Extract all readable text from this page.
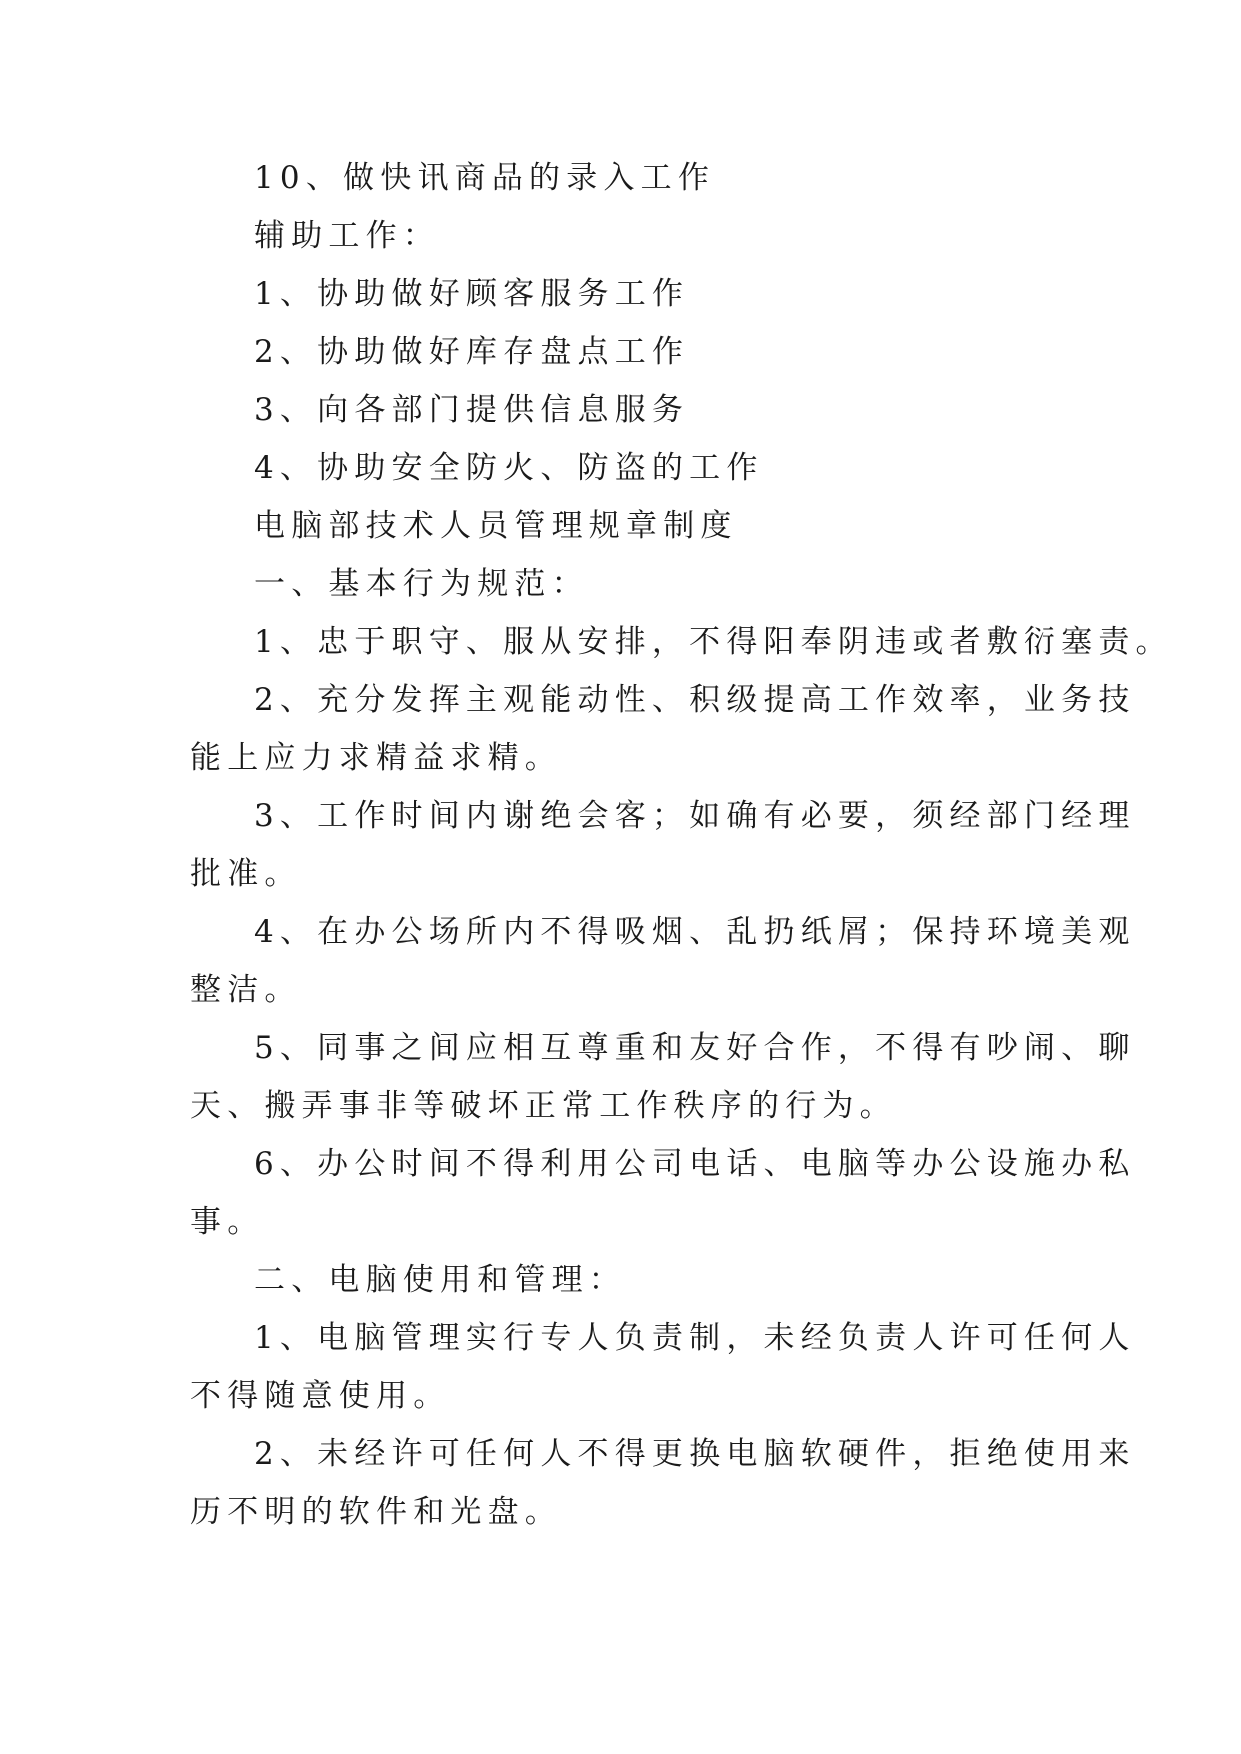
10、做快讯商品的录入工作
辅助工作：
1、协助做好顾客服务工作
2、协助做好库存盘点工作
3、向各部门提供信息服务
4、协助安全防火、防盗的工作
电脑部技术人员管理规章制度
一、基本行为规范：
1、忠于职守、服从安排，不得阳奉阴违或者敷衍塞责。
2、充分发挥主观能动性、积级提高工作效率，业务技
能上应力求精益求精。
3、工作时间内谢绝会客；如确有必要，须经部门经理
批准。
4、在办公场所内不得吸烟、乱扔纸屑；保持环境美观
整洁。
5、同事之间应相互尊重和友好合作，不得有吵闹、聊
天、搬弄事非等破坏正常工作秩序的行为。
6、办公时间不得利用公司电话、电脑等办公设施办私
事。
二、电脑使用和管理：
1、电脑管理实行专人负责制，未经负责人许可任何人
不得随意使用。
2、未经许可任何人不得更换电脑软硬件，拒绝使用来
历不明的软件和光盘。
